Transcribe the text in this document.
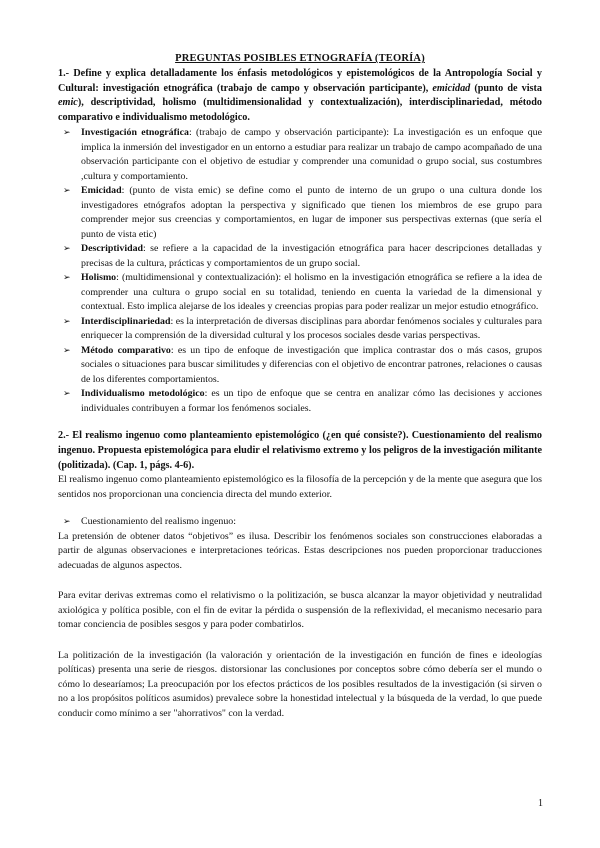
PREGUNTAS POSIBLES ETNOGRAFÍA (TEORÍA)

1.- Define y explica detalladamente los énfasis metodológicos y epistemológicos de la Antropología Social y Cultural: investigación etnográfica (trabajo de campo y observación participante), emicidad (punto de vista emic), descriptividad, holismo (multidimensionalidad y contextualización), interdisciplinariedad, método comparativo e individualismo metodológico.

➢ Investigación etnográfica: (trabajo de campo y observación participante): La investigación es un enfoque que implica la inmersión del investigador en un entorno a estudiar para realizar un trabajo de campo acompañado de una observación participante con el objetivo de estudiar y comprender una comunidad o grupo social, sus costumbres ,cultura y comportamiento.
➢ Emicidad: (punto de vista emic) se define como el punto de interno de un grupo o una cultura donde los investigadores etnógrafos adoptan la perspectiva y significado que tienen los miembros de ese grupo para comprender mejor sus creencias y comportamientos, en lugar de imponer sus perspectivas externas (que sería el punto de vista etic)
➢ Descriptividad: se refiere a la capacidad de la investigación etnográfica para hacer descripciones detalladas y precisas de la cultura, prácticas y comportamientos de un grupo social.
➢ Holismo: (multidimensional y contextualización): el holismo en la investigación etnográfica se refiere a la idea de comprender una cultura o grupo social en su totalidad, teniendo en cuenta la variedad de la dimensional y contextual. Esto implica alejarse de los ideales y creencias propias para poder realizar un mejor estudio etnográfico.
➢ Interdisciplinariedad: es la interpretación de diversas disciplinas para abordar fenómenos sociales y culturales para enriquecer la comprensión de la diversidad cultural y los procesos sociales desde varias perspectivas.
➢ Método comparativo: es un tipo de enfoque de investigación que implica contrastar dos o más casos, grupos sociales o situaciones para buscar similitudes y diferencias con el objetivo de encontrar patrones, relaciones o causas de los diferentes comportamientos.
➢ Individualismo metodológico: es un tipo de enfoque que se centra en analizar cómo las decisiones y acciones individuales contribuyen a formar los fenómenos sociales.

2.- El realismo ingenuo como planteamiento epistemológico (¿en qué consiste?). Cuestionamiento del realismo ingenuo. Propuesta epistemológica para eludir el relativismo extremo y los peligros de la investigación militante (politizada). (Cap. 1, págs. 4-6).

El realismo ingenuo como planteamiento epistemológico es la filosofía de la percepción y de la mente que asegura que los sentidos nos proporcionan una conciencia directa del mundo exterior.

➢ Cuestionamiento del realismo ingenuo:

La pretensión de obtener datos “objetivos” es ilusa. Describir los fenómenos sociales son construcciones elaboradas a partir de algunas observaciones e interpretaciones teóricas. Estas descripciones nos pueden proporcionar traducciones adecuadas de algunos aspectos.

Para evitar derivas extremas como el relativismo o la politización, se busca alcanzar la mayor objetividad y neutralidad axiológica y política posible, con el fin de evitar la pérdida o suspensión de la reflexividad, el mecanismo necesario para tomar conciencia de posibles sesgos y para poder combatirlos.

La politización de la investigación (la valoración y orientación de la investigación en función de fines e ideologías políticas) presenta una serie de riesgos. distorsionar las conclusiones por conceptos sobre cómo debería ser el mundo o cómo lo desearíamos; La preocupación por los efectos prácticos de los posibles resultados de la investigación (si sirven o no a los propósitos políticos asumidos) prevalece sobre la honestidad intelectual y la búsqueda de la verdad, lo que puede conducir como mínimo a ser "ahorrativos" con la verdad.

1
